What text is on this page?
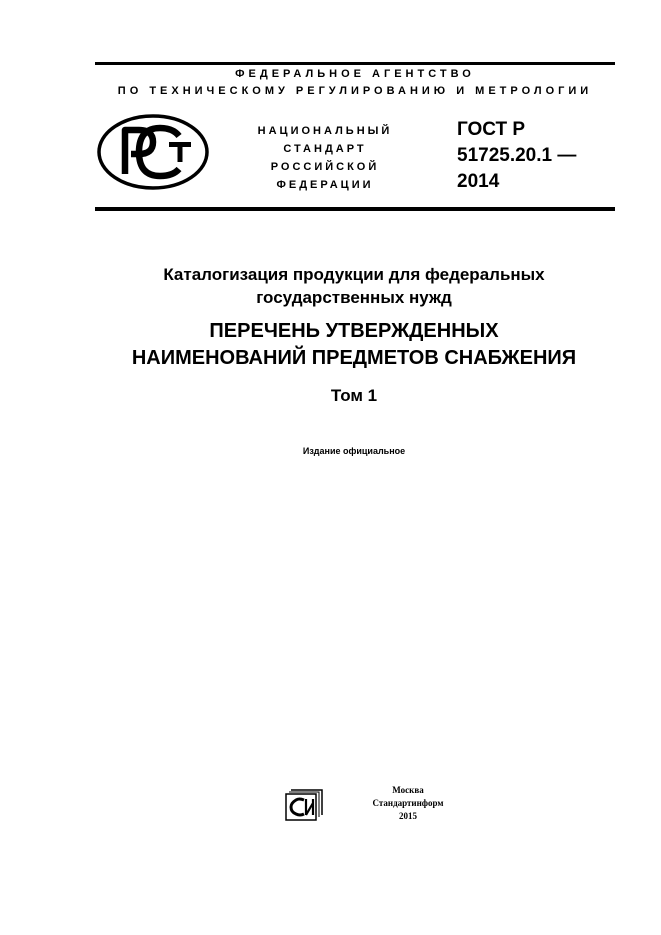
ФЕДЕРАЛЬНОЕ АГЕНТСТВО
ПО ТЕХНИЧЕСКОМУ РЕГУЛИРОВАНИЮ И МЕТРОЛОГИИ
НАЦИОНАЛЬНЫЙ
СТАНДАРТ
РОССИЙСКОЙ
ФЕДЕРАЦИИ
ГОСТ Р
51725.20.1 —
2014
Каталогизация продукции для федеральных
государственных нужд
ПЕРЕЧЕНЬ УТВЕРЖДЕННЫХ
НАИМЕНОВАНИЙ ПРЕДМЕТОВ СНАБЖЕНИЯ
Том 1
Издание официальное
Москва
Стандартинформ
2015
